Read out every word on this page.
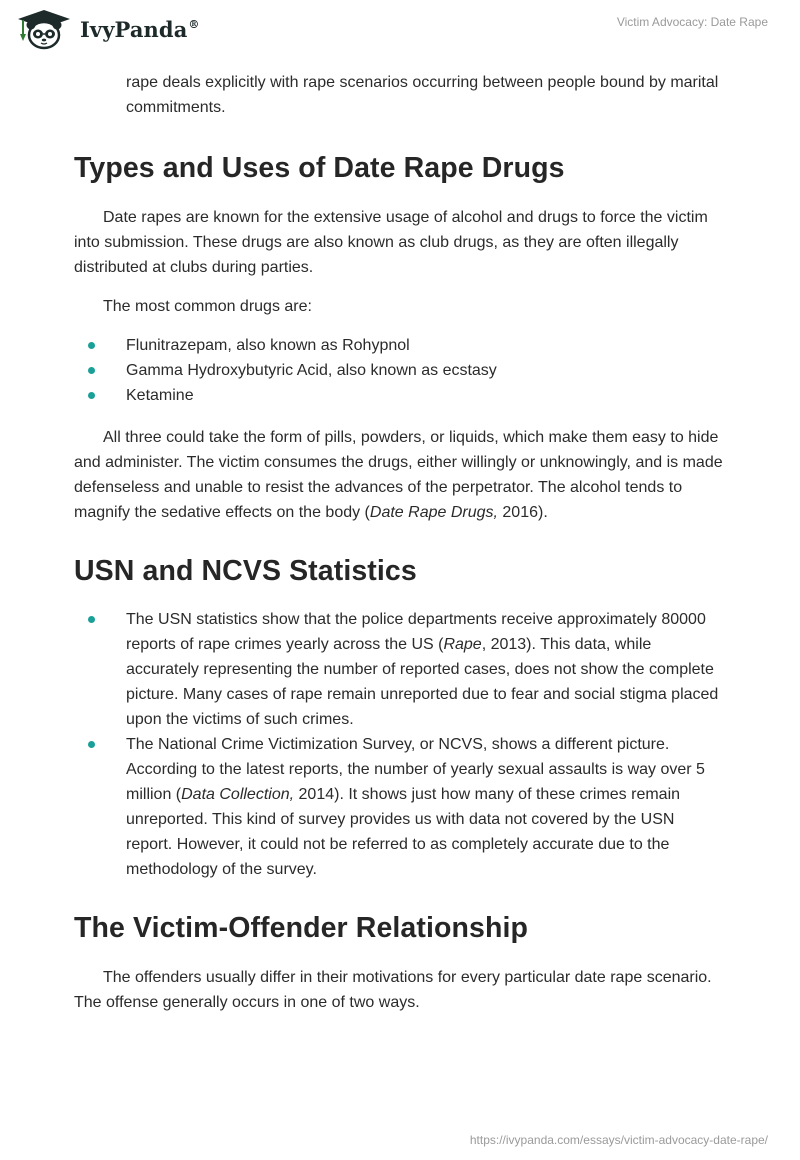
IvyPanda®	Victim Advocacy: Date Rape

rape deals explicitly with rape scenarios occurring between people bound by marital commitments.

Types and Uses of Date Rape Drugs

Date rapes are known for the extensive usage of alcohol and drugs to force the victim into submission. These drugs are also known as club drugs, as they are often illegally distributed at clubs during parties.

The most common drugs are:

Flunitrazepam, also known as Rohypnol
Gamma Hydroxybutyric Acid, also known as ecstasy
Ketamine

All three could take the form of pills, powders, or liquids, which make them easy to hide and administer. The victim consumes the drugs, either willingly or unknowingly, and is made defenseless and unable to resist the advances of the perpetrator. The alcohol tends to magnify the sedative effects on the body (Date Rape Drugs, 2016).

USN and NCVS Statistics
The USN statistics show that the police departments receive approximately 80000 reports of rape crimes yearly across the US (Rape, 2013). This data, while accurately representing the number of reported cases, does not show the complete picture. Many cases of rape remain unreported due to fear and social stigma placed upon the victims of such crimes.
The National Crime Victimization Survey, or NCVS, shows a different picture. According to the latest reports, the number of yearly sexual assaults is way over 5 million (Data Collection, 2014). It shows just how many of these crimes remain unreported. This kind of survey provides us with data not covered by the USN report. However, it could not be referred to as completely accurate due to the methodology of the survey.
The Victim-Offender Relationship

The offenders usually differ in their motivations for every particular date rape scenario. The offense generally occurs in one of two ways.

https://ivypanda.com/essays/victim-advocacy-date-rape/
